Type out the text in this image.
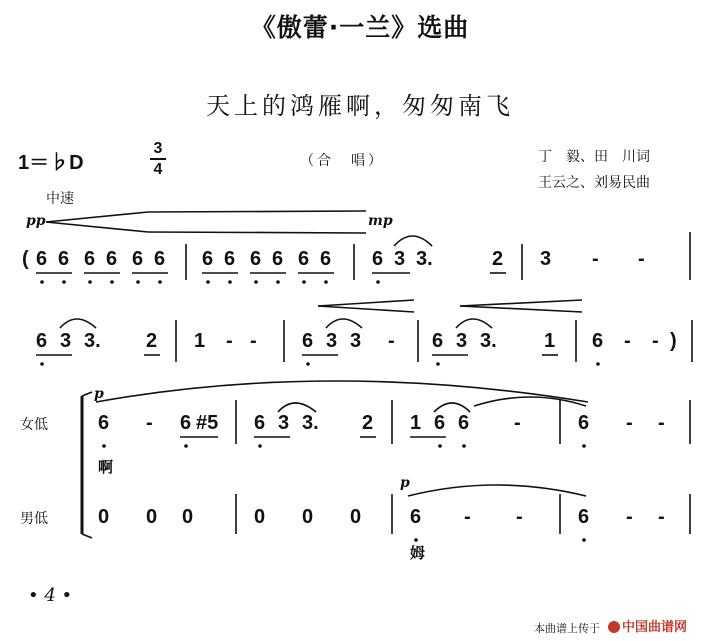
《傲蕾·一兰》选曲
天上的鸿雁啊，匆匆南飞
1＝♭D
3
4	（合　唱）	丁　毅、田　川词
王云之、刘易民曲
中速
pp	mp
p
p
( 6 6 6 6 6 6 6 6 6 6 6 6 6 3 3.	2 3 - -
6 3 3. 2 1 - - 6 3 3 - 6 3 3. 1 6 - - )
女低	6 - 6 #5 6 3 3. 2 1 6 6 -	6 - -
啊
男低	0 0 0	0 0 0 6 - -	6 - -
姆
• 4 •
本曲谱上传于 中国曲谱网
